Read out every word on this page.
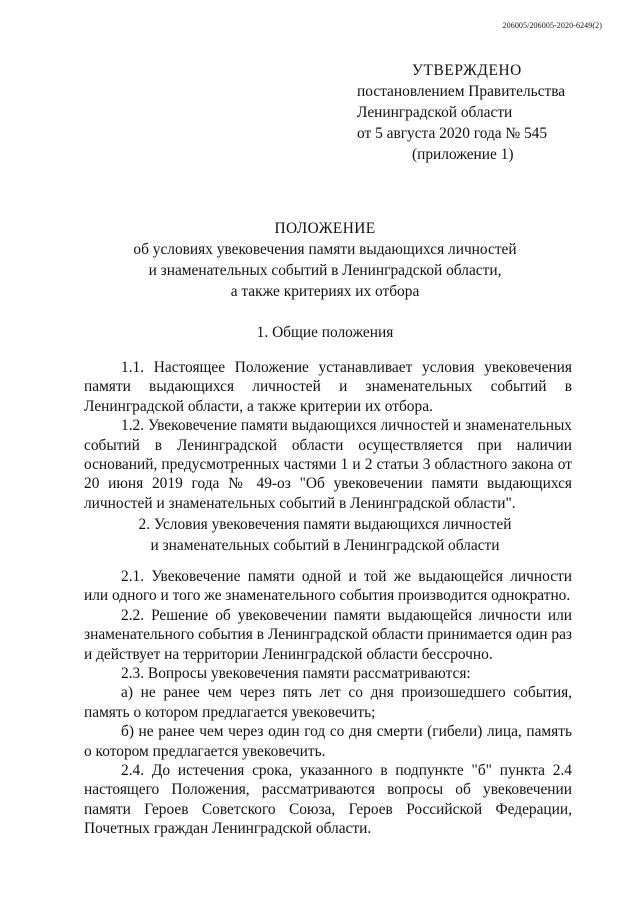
206005/206005-2020-6249(2)
УТВЕРЖДЕНО
постановлением Правительства
Ленинградской области
от 5 августа 2020 года № 545
(приложение 1)
ПОЛОЖЕНИЕ
об условиях увековечения памяти выдающихся личностей
и знаменательных событий в Ленинградской области,
а также критериях их отбора
1. Общие положения

1.1. Настоящее Положение устанавливает условия увековечения памяти выдающихся личностей и знаменательных событий в Ленинградской области, а также критерии их отбора.

1.2. Увековечение памяти выдающихся личностей и знаменательных событий в Ленинградской области осуществляется при наличии оснований, предусмотренных частями 1 и 2 статьи 3 областного закона от 20 июня 2019 года № 49-оз "Об увековечении памяти выдающихся личностей и знаменательных событий в Ленинградской области".

2. Условия увековечения памяти выдающихся личностей
и знаменательных событий в Ленинградской области

2.1. Увековечение памяти одной и той же выдающейся личности или одного и того же знаменательного события производится однократно.

2.2. Решение об увековечении памяти выдающейся личности или знаменательного события в Ленинградской области принимается один раз и действует на территории Ленинградской области бессрочно.

2.3. Вопросы увековечения памяти рассматриваются:

а) не ранее чем через пять лет со дня произошедшего события, память о котором предлагается увековечить;

б) не ранее чем через один год со дня смерти (гибели) лица, память о котором предлагается увековечить.

2.4. До истечения срока, указанного в подпункте "б" пункта 2.4 настоящего Положения, рассматриваются вопросы об увековечении памяти Героев Советского Союза, Героев Российской Федерации, Почетных граждан Ленинградской области.
